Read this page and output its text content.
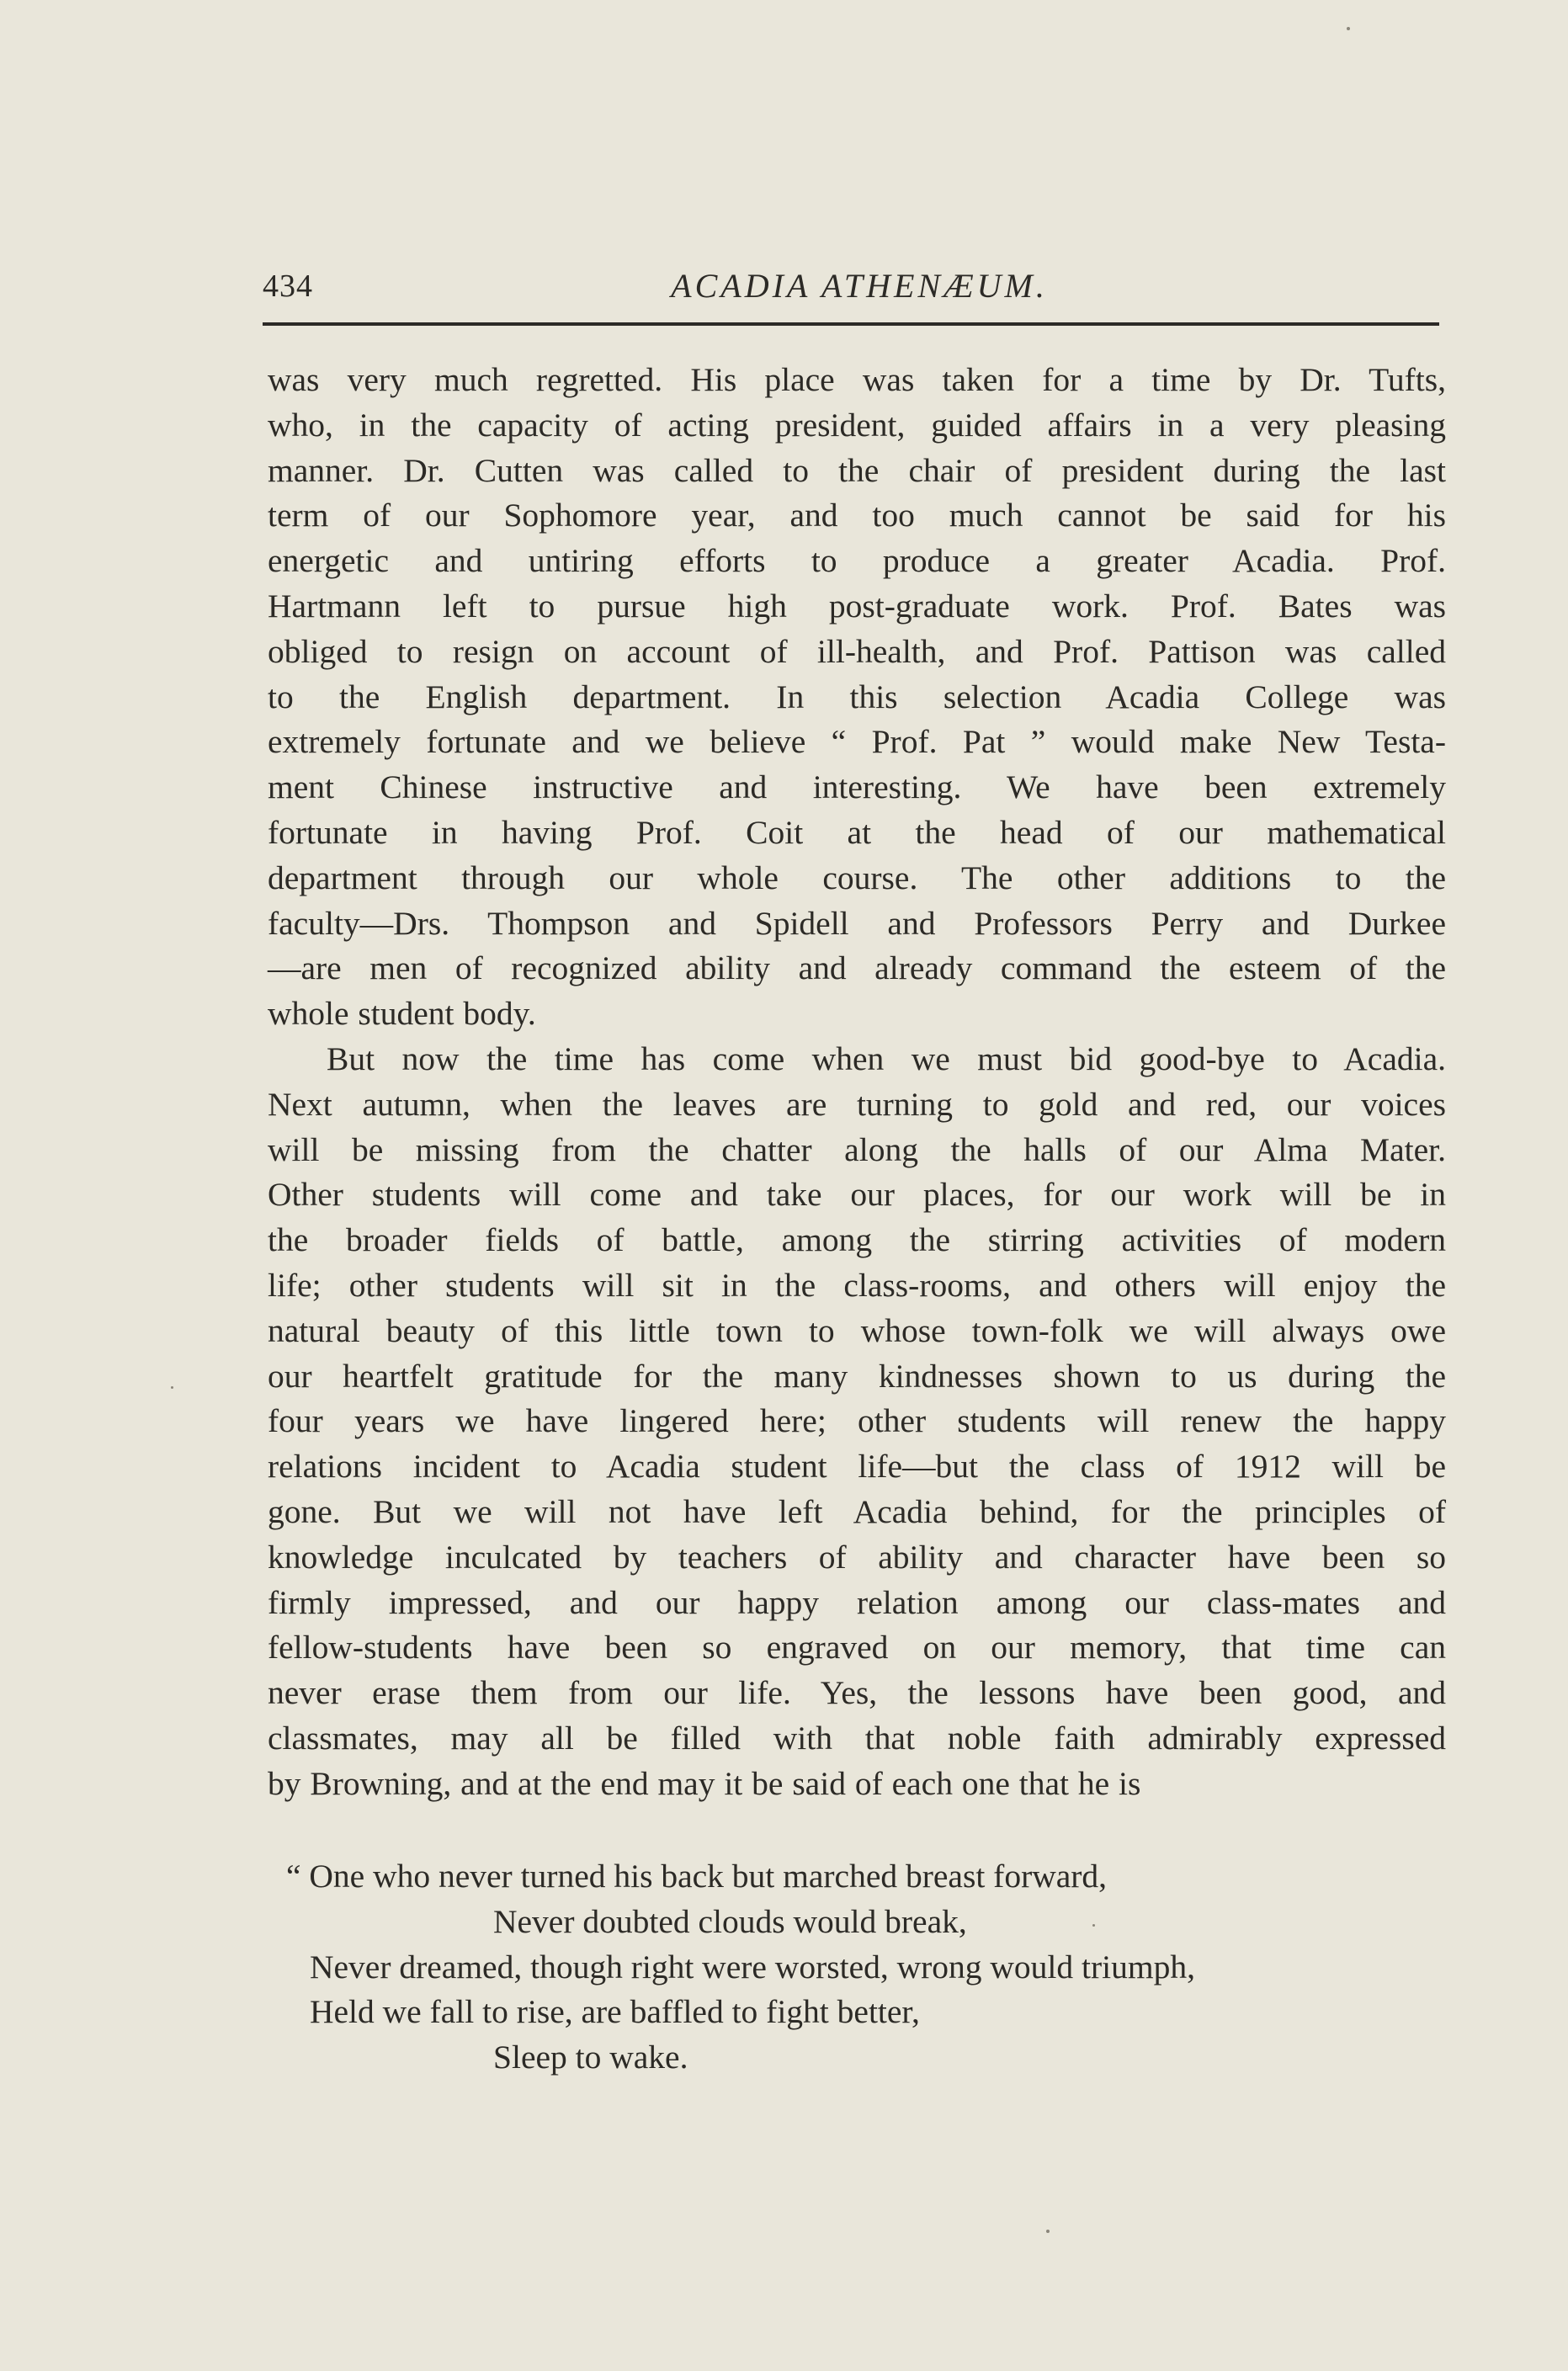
434	ACADIA ATHENÆUM.

was very much regretted. His place was taken for a time by Dr. Tufts,
who, in the capacity of acting president, guided affairs in a very pleasing
manner. Dr. Cutten was called to the chair of president during the last
term of our Sophomore year, and too much cannot be said for his
energetic and untiring efforts to produce a greater Acadia. Prof.
Hartmann left to pursue high post-graduate work. Prof. Bates was
obliged to resign on account of ill-health, and Prof. Pattison was called
to the English department. In this selection Acadia College was
extremely fortunate and we believe “ Prof. Pat ” would make New Testa-
ment Chinese instructive and interesting. We have been extremely
fortunate in having Prof. Coit at the head of our mathematical
department through our whole course. The other additions to the
faculty—Drs. Thompson and Spidell and Professors Perry and Durkee
—are men of recognized ability and already command the esteem of the
whole student body.

But now the time has come when we must bid good-bye to Acadia.
Next autumn, when the leaves are turning to gold and red, our voices
will be missing from the chatter along the halls of our Alma Mater.
Other students will come and take our places, for our work will be in
the broader fields of battle, among the stirring activities of modern
life; other students will sit in the class-rooms, and others will enjoy the
natural beauty of this little town to whose town-folk we will always owe
our heartfelt gratitude for the many kindnesses shown to us during the
four years we have lingered here; other students will renew the happy
relations incident to Acadia student life—but the class of 1912 will be
gone. But we will not have left Acadia behind, for the principles of
knowledge inculcated by teachers of ability and character have been so
firmly impressed, and our happy relation among our class-mates and
fellow-students have been so engraved on our memory, that time can
never erase them from our life. Yes, the lessons have been good, and
classmates, may all be filled with that noble faith admirably expressed
by Browning, and at the end may it be said of each one that he is

“ One who never turned his back but marched breast forward,
Never doubted clouds would break,
Never dreamed, though right were worsted, wrong would triumph,
Held we fall to rise, are baffled to fight better,
Sleep to wake.
